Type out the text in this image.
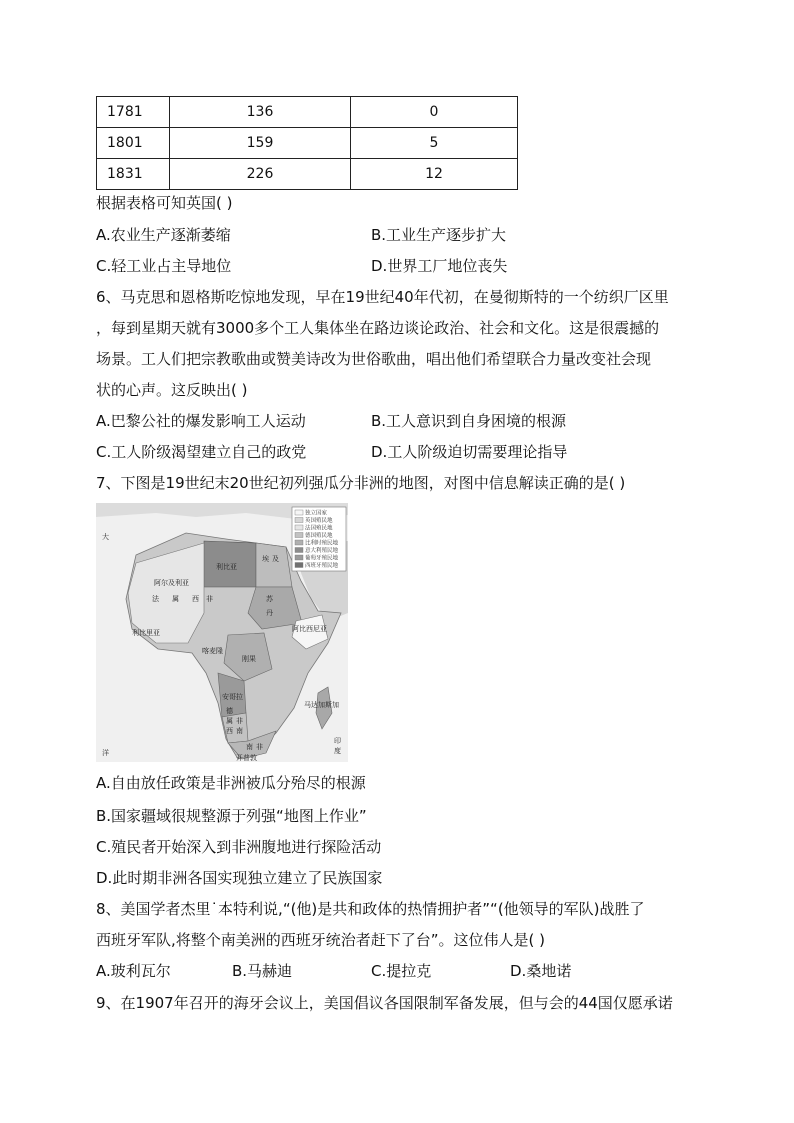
1781	136	0
1801	159	5
1831	226	12
根据表格可知英国( )
A.农业生产逐渐萎缩	B.工业生产逐步扩大
C.轻工业占主导地位	D.世界工厂地位丧失
6、马克思和恩格斯吃惊地发现，早在19世纪40年代初，在曼彻斯特的一个纺织厂区里
，每到星期天就有3000多个工人集体坐在路边谈论政治、社会和文化。这是很震撼的
场景。工人们把宗教歌曲或赞美诗改为世俗歌曲，唱出他们希望联合力量改变社会现
状的心声。这反映出( )
A.巴黎公社的爆发影响工人运动	B.工人意识到自身困境的根源
C.工人阶级渴望建立自己的政党	D.工人阶级迫切需要理论指导
7、下图是19世纪末20世纪初列强瓜分非洲的地图，对图中信息解读正确的是( )
独立国家
英国殖民地
法国殖民地
德国殖民地
比利时殖民地
意大利殖民地
葡萄牙殖民地
西班牙殖民地
大
利比亚
埃 及
阿尔及利亚
法 属 西 非	苏
丹
阿比西尼亚
利比里亚
喀麦隆
刚果
安哥拉
德
属
西 南
非
南 非
马达加斯加
洋
印
度
开普敦
A.自由放任政策是非洲被瓜分殆尽的根源
B.国家疆域很规整源于列强“地图上作业”
C.殖民者开始深入到非洲腹地进行探险活动
D.此时期非洲各国实现独立建立了民族国家
8、美国学者杰里˙本特利说,“(他)是共和政体的热情拥护者”“(他领导的军队)战胜了
西班牙军队,将整个南美洲的西班牙统治者赶下了台”。这位伟人是( )
A.玻利瓦尔	B.马赫迪	C.提拉克	D.桑地诺
9、在1907年召开的海牙会议上，美国倡议各国限制军备发展，但与会的44国仅愿承诺
